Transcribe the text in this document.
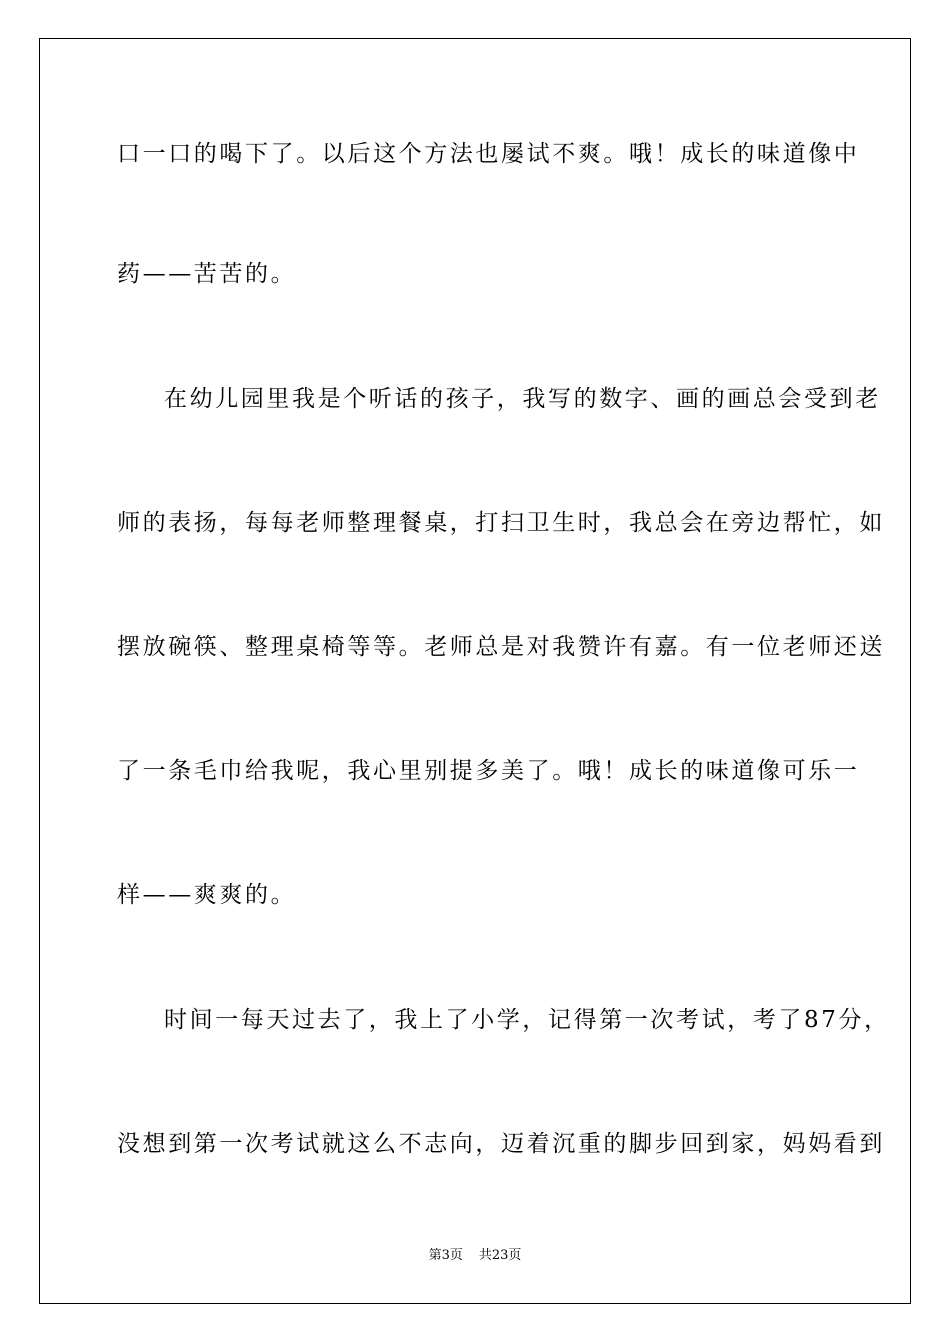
口一口的喝下了。以后这个方法也屡试不爽。哦！成长的味道像中
药——苦苦的。
在幼儿园里我是个听话的孩子，我写的数字、画的画总会受到老
师的表扬，每每老师整理餐桌，打扫卫生时，我总会在旁边帮忙，如
摆放碗筷、整理桌椅等等。老师总是对我赞许有嘉。有一位老师还送
了一条毛巾给我呢，我心里别提多美了。哦！成长的味道像可乐一
样——爽爽的。
时间一每天过去了，我上了小学，记得第一次考试，考了87分，
没想到第一次考试就这么不志向，迈着沉重的脚步回到家，妈妈看到
第3页 共23页
